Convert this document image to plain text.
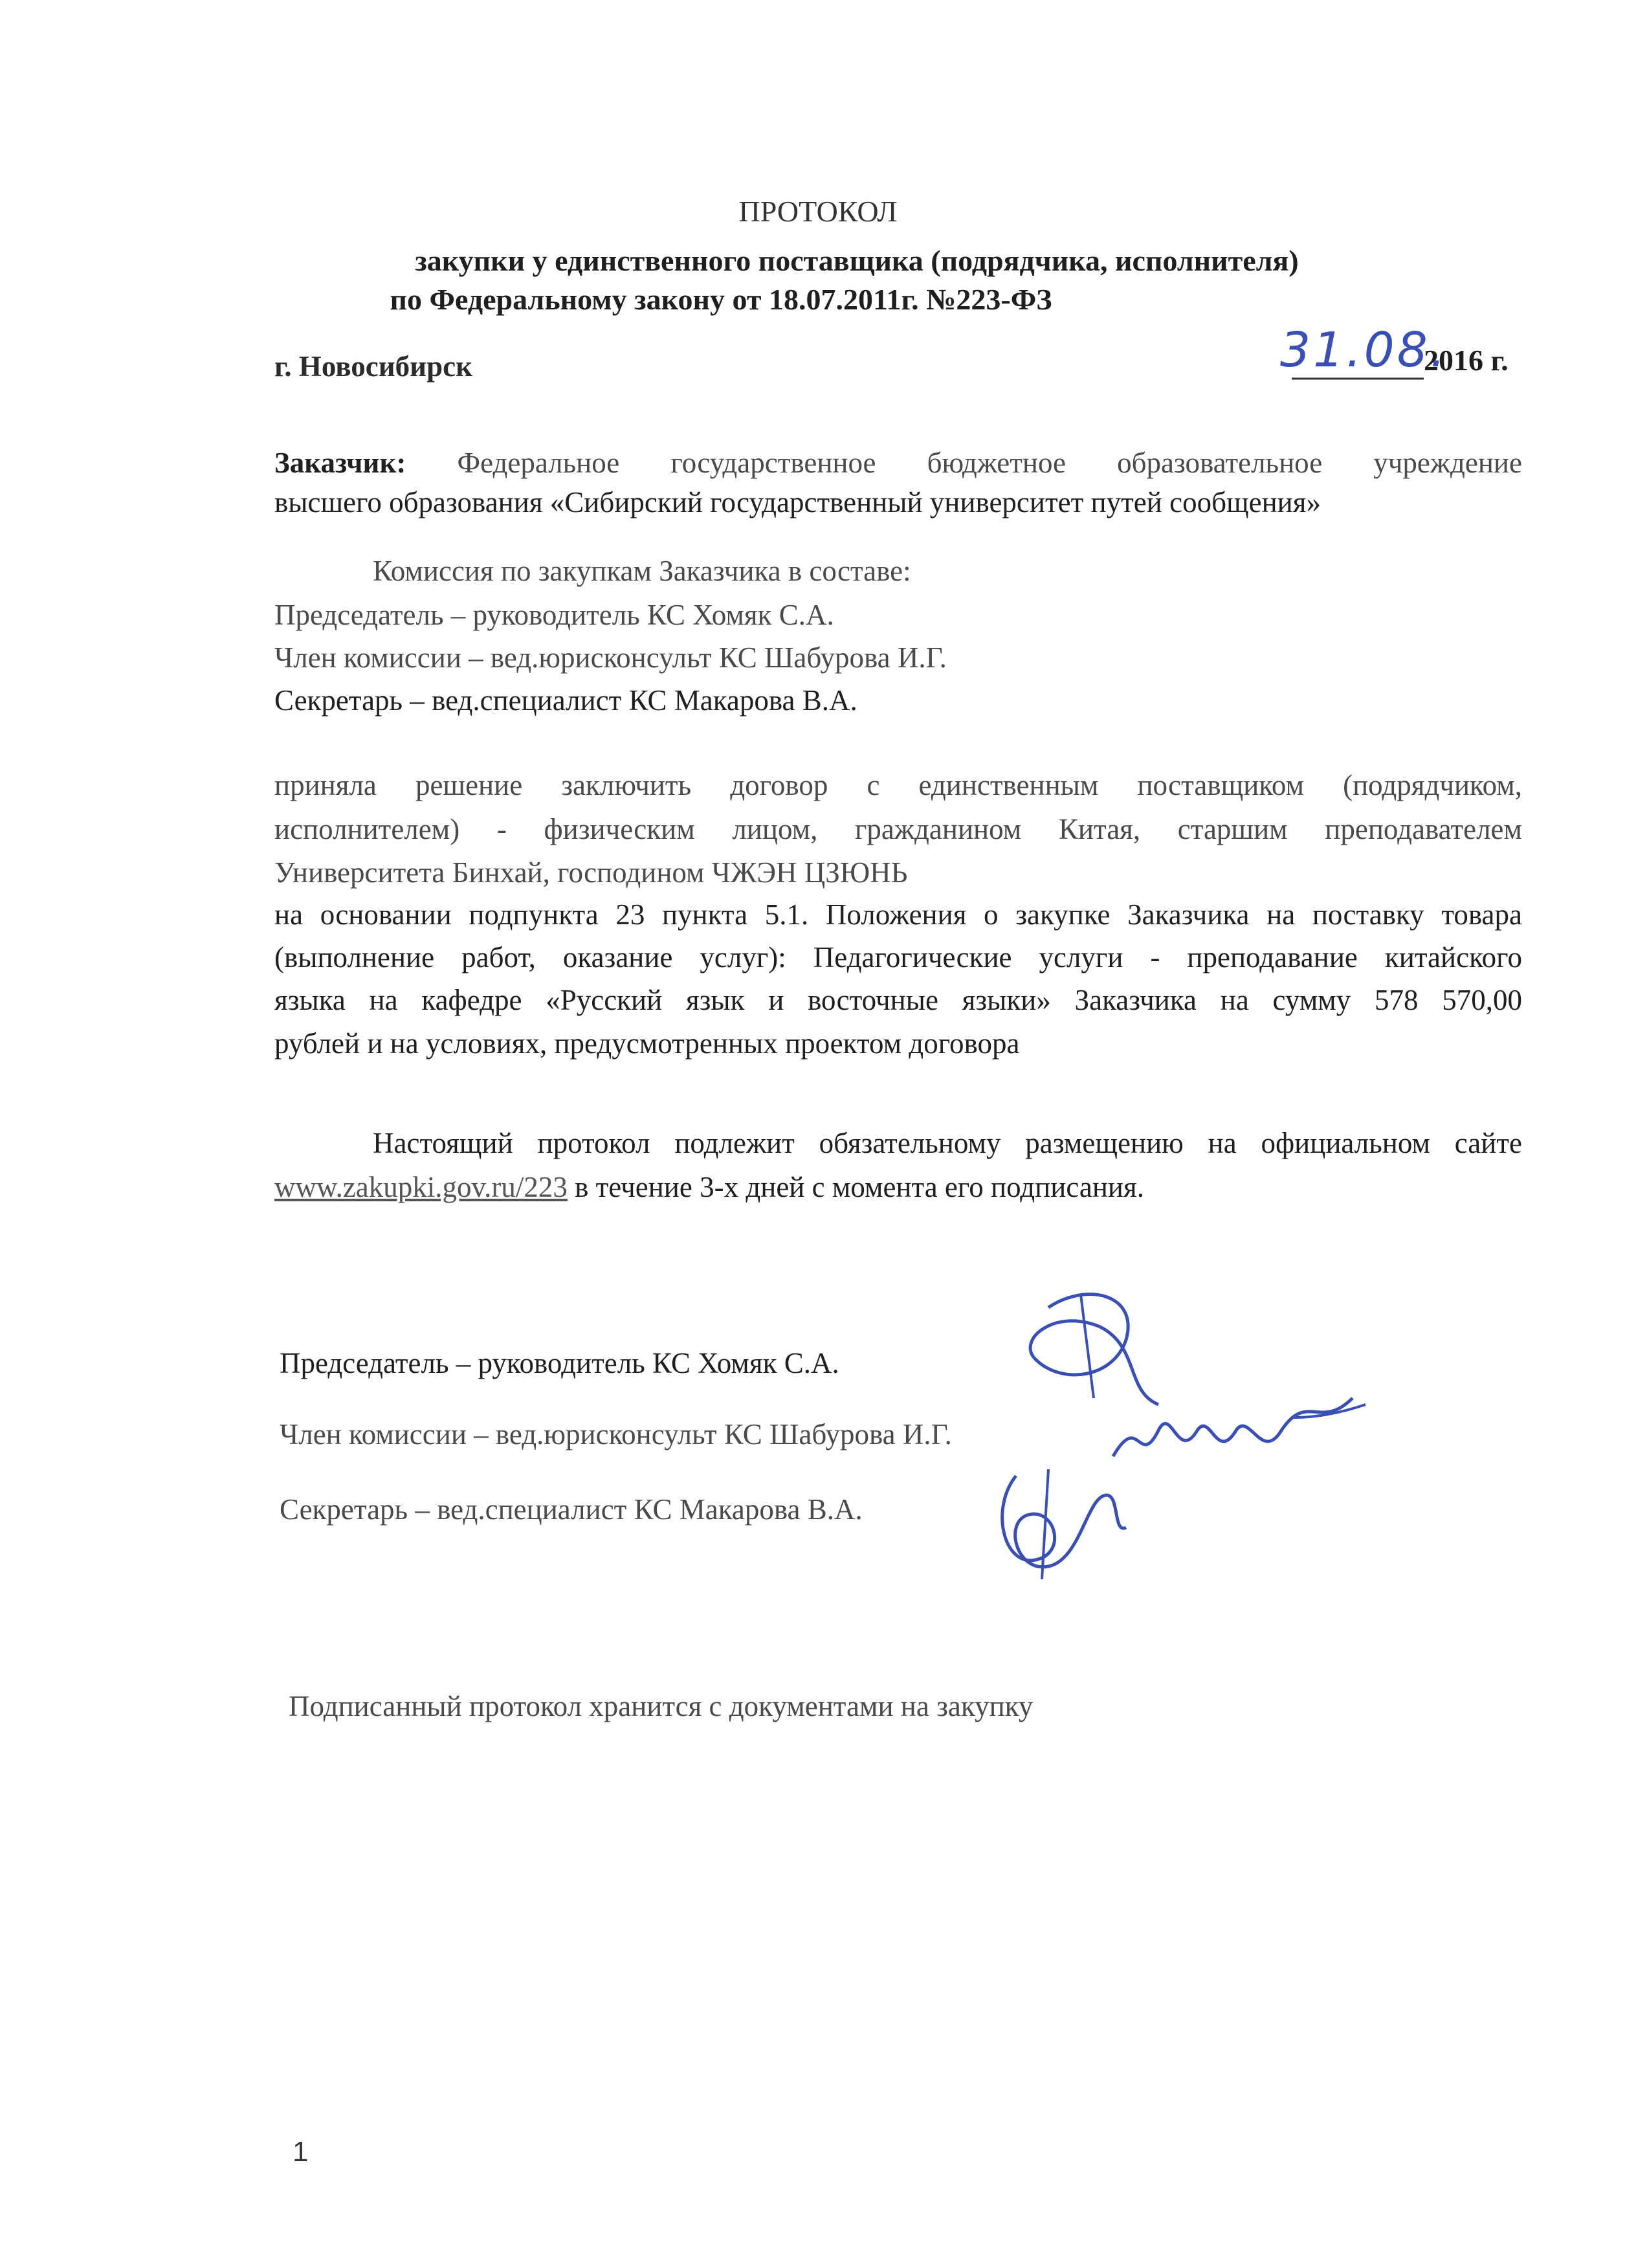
ПРОТОКОЛ
закупки у единственного поставщика (подрядчика, исполнителя)
по Федеральному закону от 18.07.2011г. №223-ФЗ
г. Новосибирск	31.08.
2016 г.
Заказчик: Федеральное государственное бюджетное образовательное учреждение
высшего образования «Сибирский государственный университет путей сообщения»
Комиссия по закупкам Заказчика в составе:
Председатель – руководитель КС Хомяк С.А.
Член комиссии – вед.юрисконсульт КС Шабурова И.Г.
Секретарь – вед.специалист КС Макарова В.А.
приняла решение заключить договор с единственным поставщиком (подрядчиком,
исполнителем) - физическим лицом, гражданином Китая, старшим преподавателем
Университета Бинхай, господином ЧЖЭН ЦЗЮНЬ
на основании подпункта 23 пункта 5.1. Положения о закупке Заказчика на поставку товара
(выполнение работ, оказание услуг): Педагогические услуги - преподавание китайского
языка на кафедре «Русский язык и восточные языки» Заказчика на сумму 578 570,00
рублей и на условиях, предусмотренных проектом договора
Настоящий протокол подлежит обязательному размещению на официальном сайте
www.zakupki.gov.ru/223 в течение 3-х дней с момента его подписания.
Председатель – руководитель КС Хомяк С.А.
Член комиссии – вед.юрисконсульт КС Шабурова И.Г.
Секретарь – вед.специалист КС Макарова В.А.
Подписанный протокол хранится с документами на закупку
1
